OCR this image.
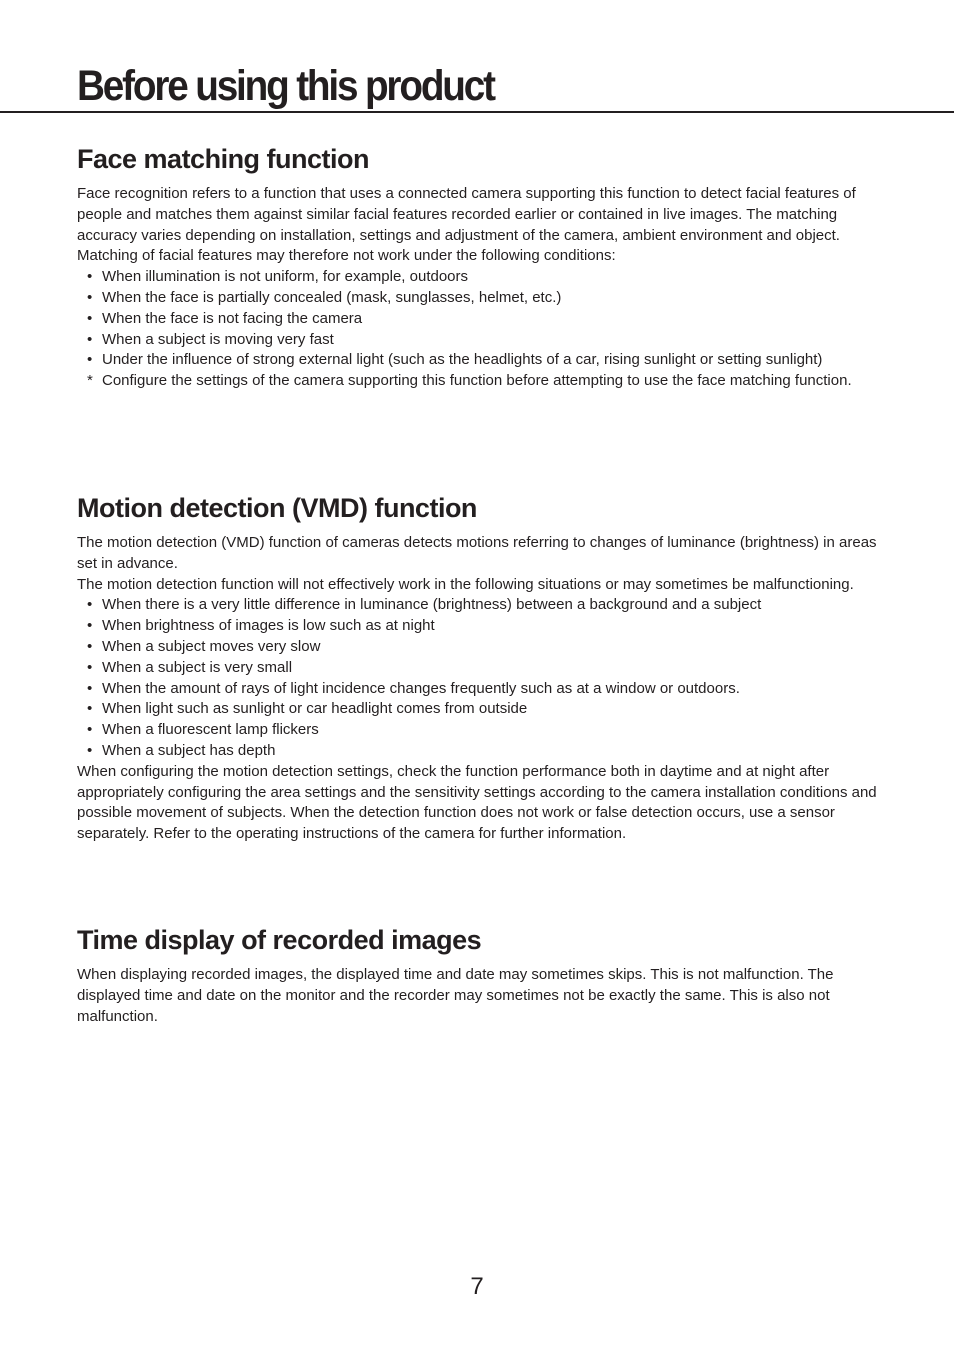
Before using this product
Face matching function

Face recognition refers to a function that uses a connected camera supporting this function to detect facial features of people and matches them against similar facial features recorded earlier or contained in live images. The matching accuracy varies depending on installation, settings and adjustment of the camera, ambient environment and object. Matching of facial features may therefore not work under the following conditions:

• When illumination is not uniform, for example, outdoors
• When the face is partially concealed (mask, sunglasses, helmet, etc.)
• When the face is not facing the camera
• When a subject is moving very fast
• Under the influence of strong external light (such as the headlights of a car, rising sunlight or setting sunlight)
* Configure the settings of the camera supporting this function before attempting to use the face matching function.
Motion detection (VMD) function

The motion detection (VMD) function of cameras detects motions referring to changes of luminance (brightness) in areas set in advance.

The motion detection function will not effectively work in the following situations or may sometimes be malfunctioning.

• When there is a very little difference in luminance (brightness) between a background and a subject
• When brightness of images is low such as at night
• When a subject moves very slow
• When a subject is very small
• When the amount of rays of light incidence changes frequently such as at a window or outdoors.
• When light such as sunlight or car headlight comes from outside
• When a fluorescent lamp flickers
• When a subject has depth

When configuring the motion detection settings, check the function performance both in daytime and at night after appropriately configuring the area settings and the sensitivity settings according to the camera installation conditions and possible movement of subjects. When the detection function does not work or false detection occurs, use a sensor separately. Refer to the operating instructions of the camera for further information.

Time display of recorded images

When displaying recorded images, the displayed time and date may sometimes skips. This is not malfunction. The displayed time and date on the monitor and the recorder may sometimes not be exactly the same. This is also not malfunction.

7
